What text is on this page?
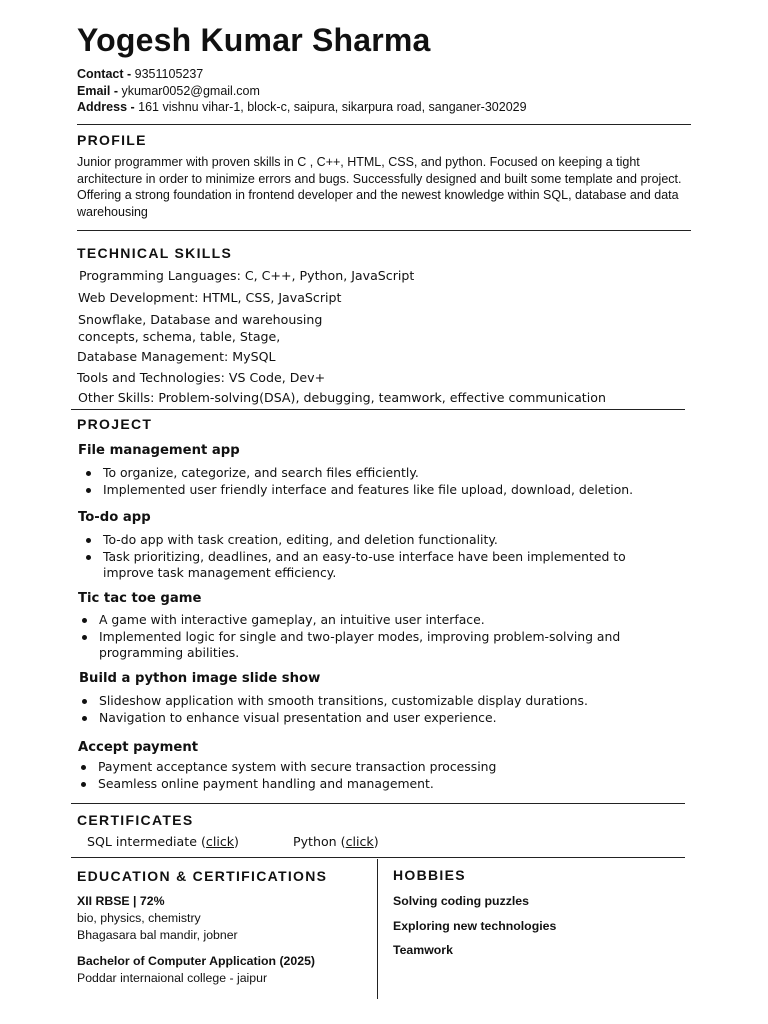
Yogesh Kumar Sharma
Contact - 9351105237
Email - ykumar0052@gmail.com
Address - 161 vishnu vihar-1, block-c, saipura, sikarpura road, sanganer-302029
PROFILE
Junior programmer with proven skills in C , C++, HTML, CSS, and python. Focused on keeping a tight architecture in order to minimize errors and bugs. Successfully designed and built some template and project. Offering a strong foundation in frontend developer and the newest knowledge within SQL, database and data warehousing
TECHNICAL SKILLS
Programming Languages: C, C++, Python, JavaScript
Web Development: HTML, CSS, JavaScript
Snowflake, Database and warehousing
concepts, schema, table, Stage,
Database Management: MySQL
Tools and Technologies: VS Code, Dev+
Other Skills: Problem-solving(DSA), debugging, teamwork, effective communication
PROJECT
File management app
To organize, categorize, and search files efficiently.
Implemented user friendly interface and features like file upload, download, deletion.
To-do app
To-do app with task creation, editing, and deletion functionality.
Task prioritizing, deadlines, and an easy-to-use interface have been implemented to improve task management efficiency.
Tic tac toe game
A game with interactive gameplay, an intuitive user interface.
Implemented logic for single and two-player modes, improving problem-solving and programming abilities.
Build a python image slide show
Slideshow application with smooth transitions, customizable display durations.
Navigation to enhance visual presentation and user experience.
Accept payment
Payment acceptance system with secure transaction processing
Seamless online payment handling and management.
CERTIFICATES
SQL intermediate (click)	Python (click)
EDUCATION & CERTIFICATIONS
XII RBSE | 72%
bio, physics, chemistry
Bhagasara bal mandir, jobner
Bachelor of Computer Application (2025)
Poddar internaional college - jaipur
HOBBIES
Solving coding puzzles
Exploring new technologies
Teamwork
